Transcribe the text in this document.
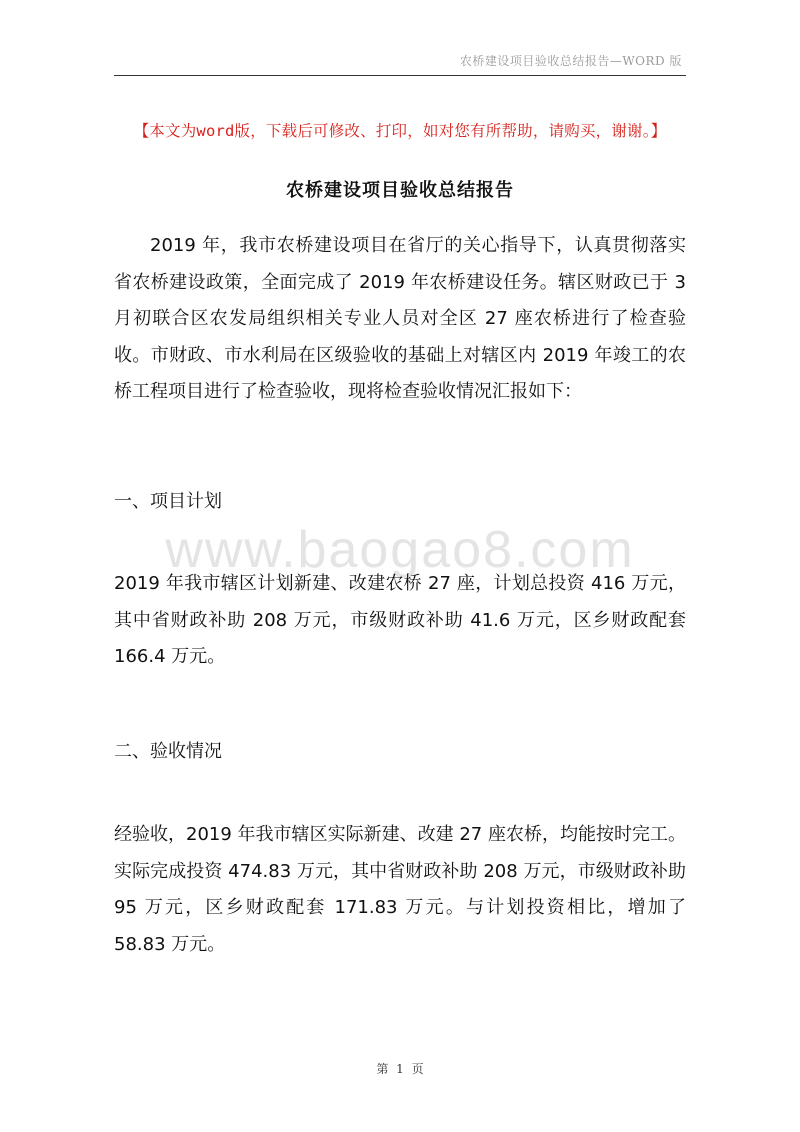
农桥建设项目验收总结报告—WORD 版
【本文为word版，下载后可修改、打印，如对您有所帮助，请购买，谢谢。】
农桥建设项目验收总结报告

2019 年，我市农桥建设项目在省厅的关心指导下，认真贯彻落实省农桥建设政策，全面完成了 2019 年农桥建设任务。辖区财政已于 3 月初联合区农发局组织相关专业人员对全区 27 座农桥进行了检查验收。市财政、市水利局在区级验收的基础上对辖区内 2019 年竣工的农桥工程项目进行了检查验收，现将检查验收情况汇报如下：

一、项目计划

www.baogao8.com

2019 年我市辖区计划新建、改建农桥 27 座，计划总投资 416 万元，其中省财政补助 208 万元，市级财政补助 41.6 万元，区乡财政配套 166.4 万元。

二、验收情况

经验收，2019 年我市辖区实际新建、改建 27 座农桥，均能按时完工。实际完成投资 474.83 万元，其中省财政补助 208 万元，市级财政补助 95 万元，区乡财政配套 171.83 万元。与计划投资相比，增加了 58.83 万元。

第 1 页
